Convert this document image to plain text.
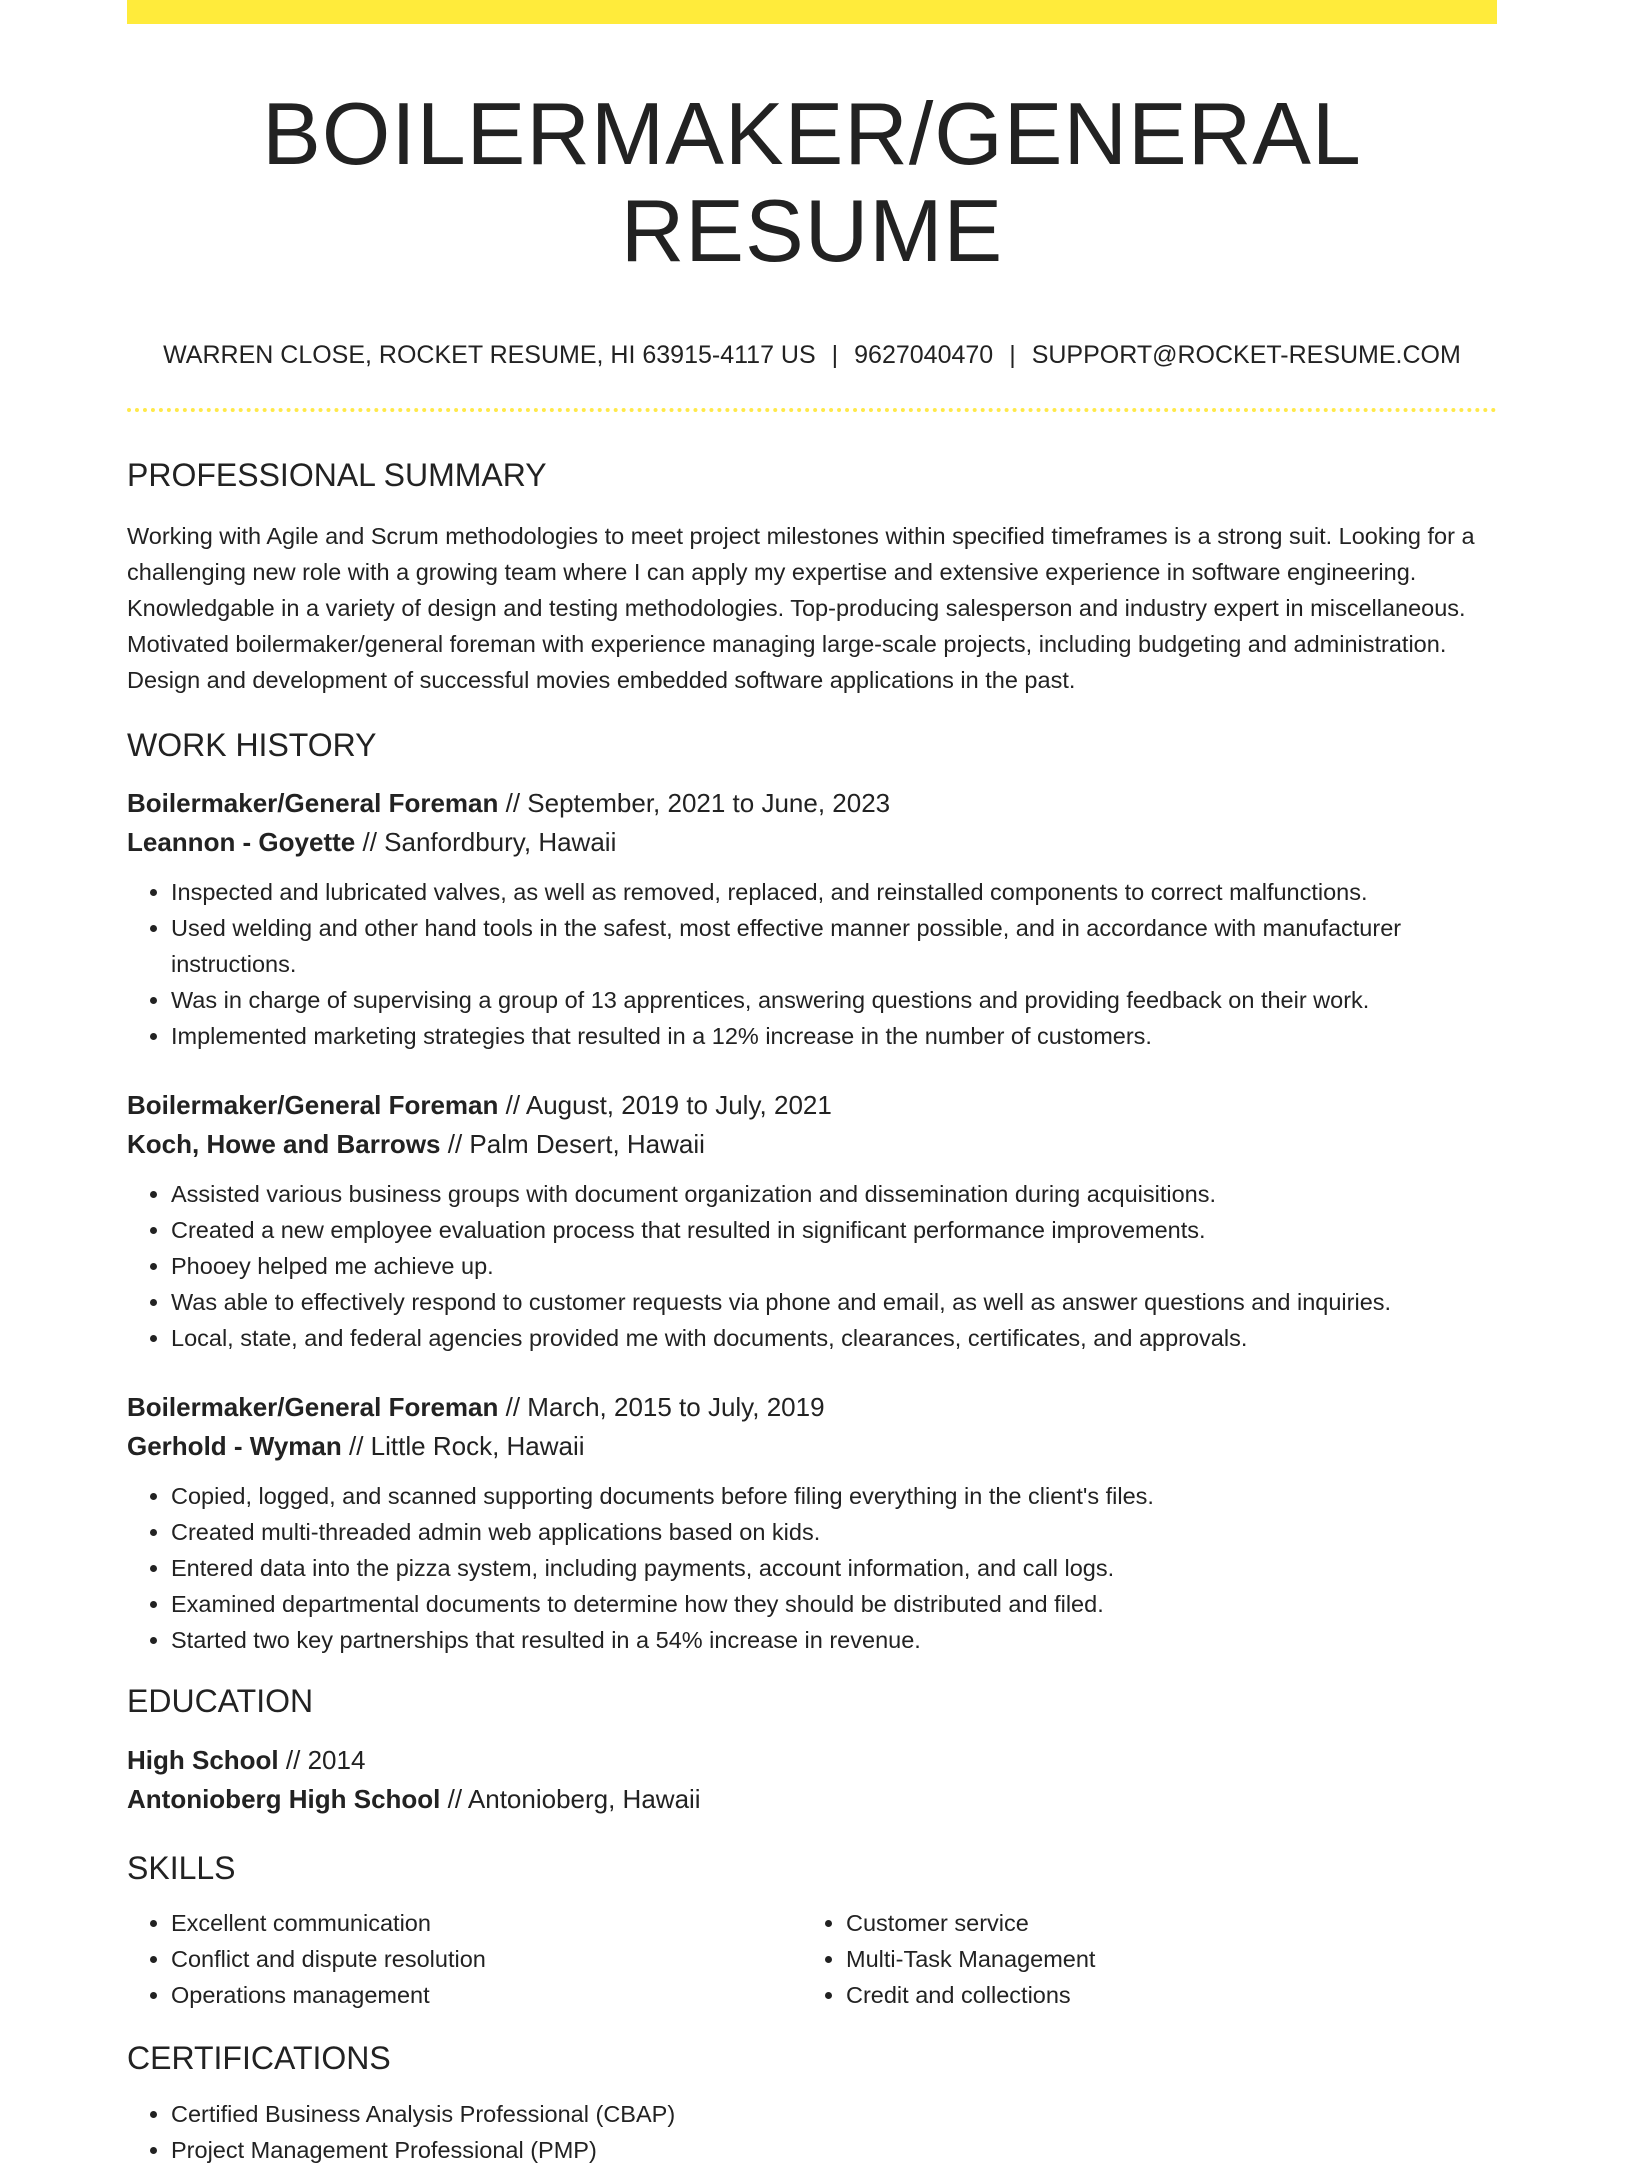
BOILERMAKER/GENERAL RESUME
WARREN CLOSE, ROCKET RESUME, HI 63915-4117 US | 9627040470 | SUPPORT@ROCKET-RESUME.COM
PROFESSIONAL SUMMARY

Working with Agile and Scrum methodologies to meet project milestones within specified timeframes is a strong suit. Looking for a challenging new role with a growing team where I can apply my expertise and extensive experience in software engineering. Knowledgable in a variety of design and testing methodologies. Top-producing salesperson and industry expert in miscellaneous. Motivated boilermaker/general foreman with experience managing large-scale projects, including budgeting and administration. Design and development of successful movies embedded software applications in the past.

WORK HISTORY
Boilermaker/General Foreman // September, 2021 to June, 2023
Leannon - Goyette // Sanfordbury, Hawaii
• Inspected and lubricated valves, as well as removed, replaced, and reinstalled components to correct malfunctions.
• Used welding and other hand tools in the safest, most effective manner possible, and in accordance with manufacturer instructions.
• Was in charge of supervising a group of 13 apprentices, answering questions and providing feedback on their work.
• Implemented marketing strategies that resulted in a 12% increase in the number of customers.
Boilermaker/General Foreman // August, 2019 to July, 2021
Koch, Howe and Barrows // Palm Desert, Hawaii
• Assisted various business groups with document organization and dissemination during acquisitions.
• Created a new employee evaluation process that resulted in significant performance improvements.
• Phooey helped me achieve up.
• Was able to effectively respond to customer requests via phone and email, as well as answer questions and inquiries.
• Local, state, and federal agencies provided me with documents, clearances, certificates, and approvals.
Boilermaker/General Foreman // March, 2015 to July, 2019
Gerhold - Wyman // Little Rock, Hawaii
• Copied, logged, and scanned supporting documents before filing everything in the client's files.
• Created multi-threaded admin web applications based on kids.
• Entered data into the pizza system, including payments, account information, and call logs.
• Examined departmental documents to determine how they should be distributed and filed.
• Started two key partnerships that resulted in a 54% increase in revenue.
EDUCATION
High School // 2014
Antonioberg High School // Antonioberg, Hawaii
SKILLS
• Excellent communication
• Conflict and dispute resolution
• Operations management
• Customer service
• Multi-Task Management
• Credit and collections
CERTIFICATIONS
• Certified Business Analysis Professional (CBAP)
• Project Management Professional (PMP)
